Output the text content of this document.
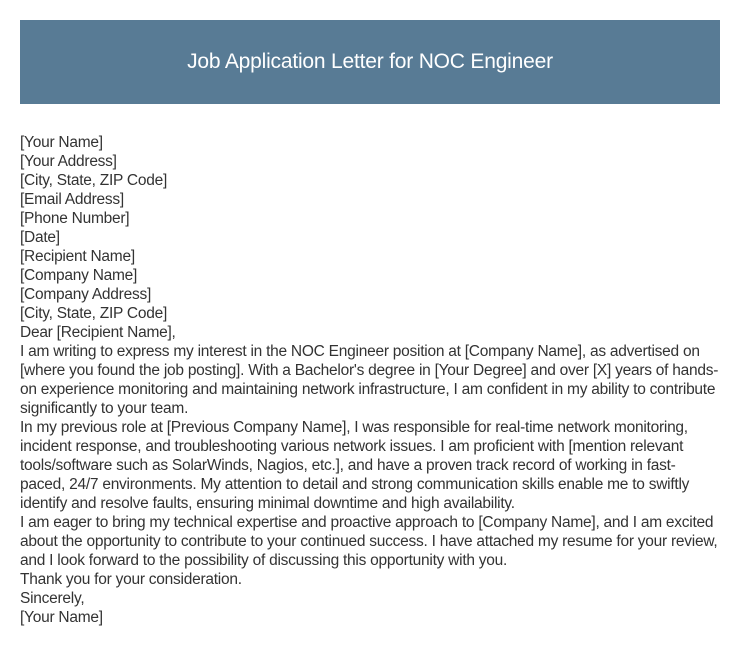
Job Application Letter for NOC Engineer

[Your Name]

[Your Address]

[City, State, ZIP Code]

[Email Address]

[Phone Number]

[Date]

[Recipient Name]

[Company Name]

[Company Address]

[City, State, ZIP Code]

Dear [Recipient Name],

I am writing to express my interest in the NOC Engineer position at [Company Name], as advertised on [where you found the job posting]. With a Bachelor's degree in [Your Degree] and over [X] years of hands-on experience monitoring and maintaining network infrastructure, I am confident in my ability to contribute significantly to your team.

In my previous role at [Previous Company Name], I was responsible for real-time network monitoring, incident response, and troubleshooting various network issues. I am proficient with [mention relevant tools/software such as SolarWinds, Nagios, etc.], and have a proven track record of working in fast-paced, 24/7 environments. My attention to detail and strong communication skills enable me to swiftly identify and resolve faults, ensuring minimal downtime and high availability.

I am eager to bring my technical expertise and proactive approach to [Company Name], and I am excited about the opportunity to contribute to your continued success. I have attached my resume for your review, and I look forward to the possibility of discussing this opportunity with you.

Thank you for your consideration.

Sincerely,

[Your Name]
